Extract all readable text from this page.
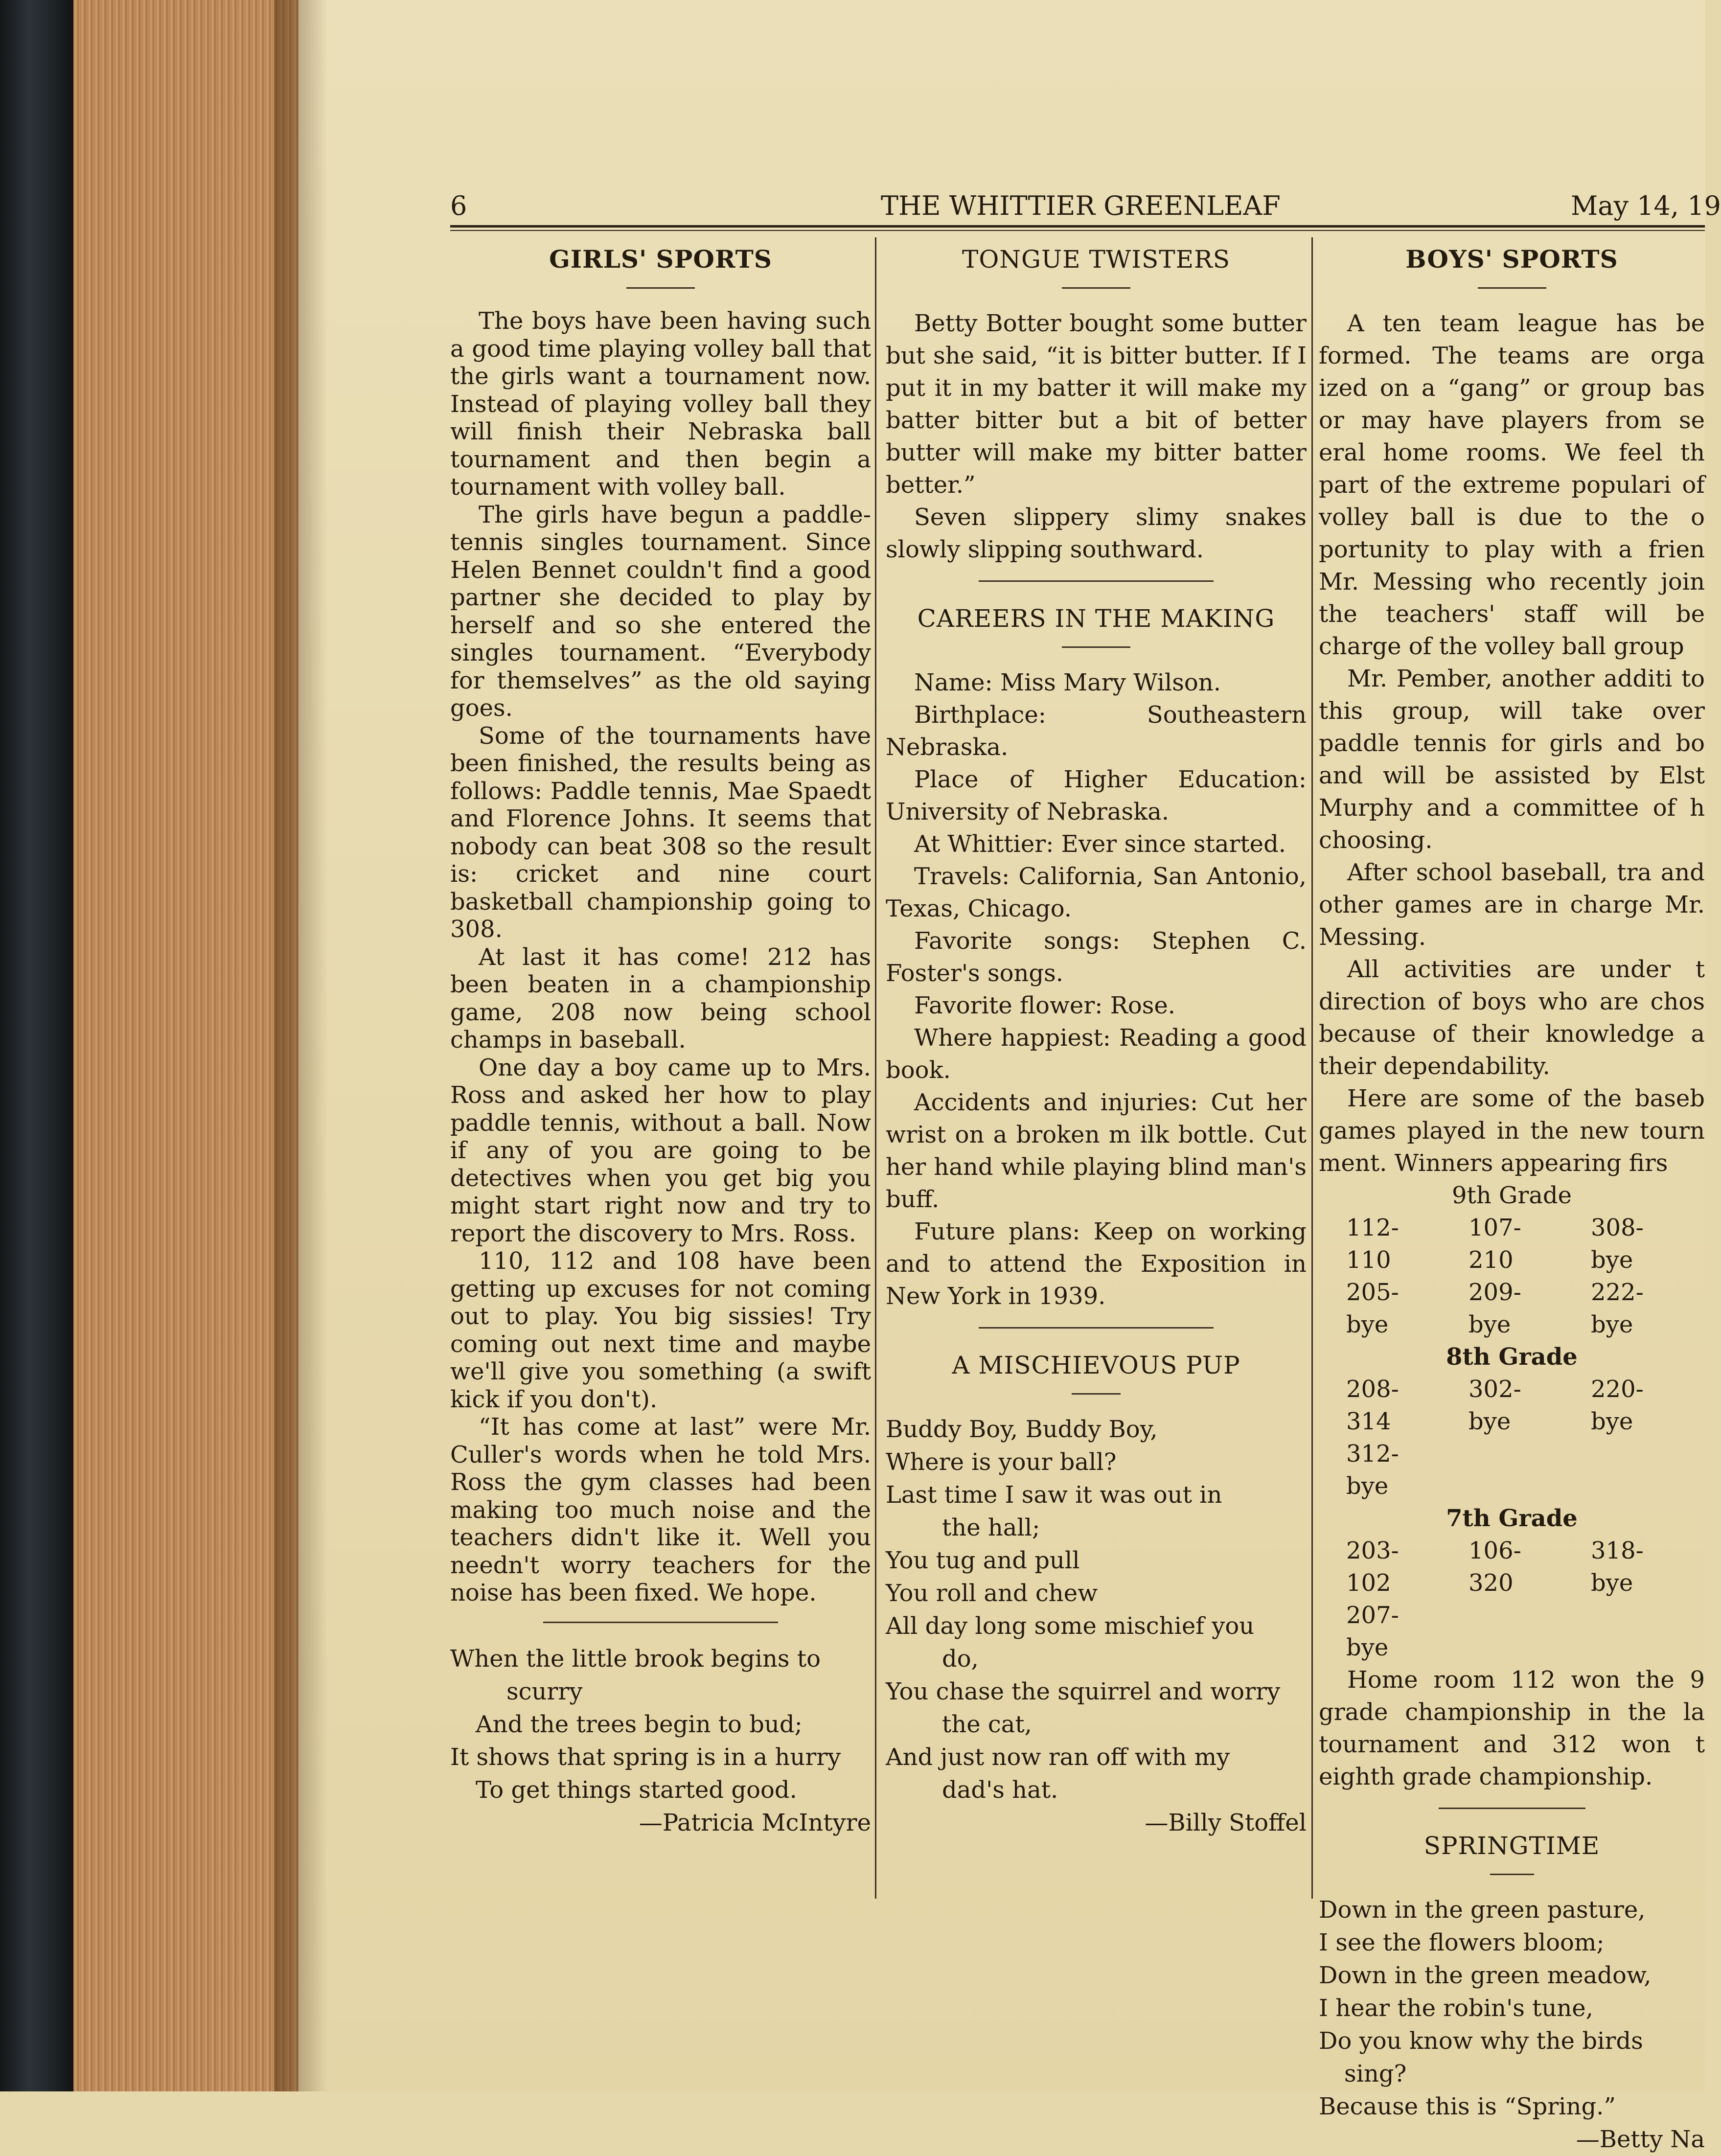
6	THE WHITTIER GREENLEAF	May 14, 19
GIRLS' SPORTS

The boys have been having such a good time playing volley ball that the girls want a tournament now. Instead of playing volley ball they will finish their Nebraska ball tournament and then begin a tournament with volley ball.

The girls have begun a paddle-tennis singles tournament. Since Helen Bennet couldn't find a good partner she decided to play by herself and so she entered the singles tournament. “Everybody for themselves” as the old saying goes.

Some of the tournaments have been finished, the results being as follows: Paddle tennis, Mae Spaedt and Florence Johns. It seems that nobody can beat 308 so the result is: cricket and nine court basketball championship going to 308.

At last it has come! 212 has been beaten in a championship game, 208 now being school champs in baseball.

One day a boy came up to Mrs. Ross and asked her how to play paddle tennis, without a ball. Now if any of you are going to be detectives when you get big you might start right now and try to report the discovery to Mrs. Ross.

110, 112 and 108 have been getting up excuses for not coming out to play. You big sissies! Try coming out next time and maybe we'll give you something (a swift kick if you don't).

“It has come at last” were Mr. Culler's words when he told Mrs. Ross the gym classes had been making too much noise and the teachers didn't like it. Well you needn't worry teachers for the noise has been fixed. We hope.

When the little brook begins to
scurry
And the trees begin to bud;
It shows that spring is in a hurry
To get things started good.
—Patricia McIntyre
TONGUE TWISTERS

Betty Botter bought some butter but she said, “it is bitter butter. If I put it in my batter it will make my batter bitter but a bit of better butter will make my bitter batter better.”

Seven slippery slimy snakes slowly slipping southward.

CAREERS IN THE MAKING

Name: Miss Mary Wilson.

Birthplace: Southeastern Nebraska.

Place of Higher Education: University of Nebraska.

At Whittier: Ever since started.

Travels: California, San Antonio, Texas, Chicago.

Favorite songs: Stephen C. Foster's songs.

Favorite flower: Rose.

Where happiest: Reading a good book.

Accidents and injuries: Cut her wrist on a broken m ilk bottle. Cut her hand while playing blind man's buff.

Future plans: Keep on working and to attend the Exposition in New York in 1939.

A MISCHIEVOUS PUP
Buddy Boy, Buddy Boy,
Where is your ball?
Last time I saw it was out in
the hall;
You tug and pull
You roll and chew
All day long some mischief you
do,
You chase the squirrel and worry
the cat,
And just now ran off with my
dad's hat.
—Billy Stoffel
BOYS' SPORTS

A ten team league has be formed. The teams are orga ized on a “gang” or group bas or may have players from se eral home rooms. We feel th part of the extreme populari of volley ball is due to the o portunity to play with a frien Mr. Messing who recently join the teachers' staff will be charge of the volley ball group

Mr. Pember, another additi to this group, will take over paddle tennis for girls and bo and will be assisted by Elst Murphy and a committee of h choosing.

After school baseball, tra and other games are in charge Mr. Messing.

All activities are under t direction of boys who are chos because of their knowledge a their dependability.

Here are some of the baseb games played in the new tourn ment. Winners appearing firs

9th Grade
112-110
107-210
308-bye
205-bye
209-bye
222-bye
8th Grade
208-314
302-bye
220-bye
312-bye
7th Grade
203-102
106-320
318-bye
207-bye

Home room 112 won the 9 grade championship in the la tournament and 312 won t eighth grade championship.

SPRINGTIME
Down in the green pasture,
I see the flowers bloom;
Down in the green meadow,
I hear the robin's tune,
Do you know why the birds
sing?
Because this is “Spring.”
—Betty Na
